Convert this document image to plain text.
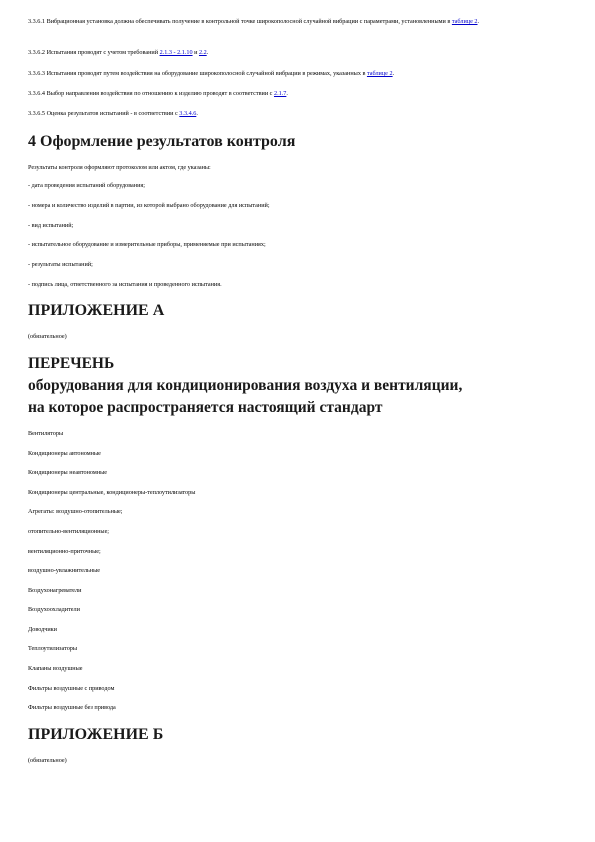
3.3.6.1 Вибрационная установка должна обеспечивать получение в контрольной точке широкополосной случайной вибрации с параметрами, установленными в таблице 2.
3.3.6.2 Испытания проводят с учетом требований 2.1.3 - 2.1.10 и 2.2.
3.3.6.3 Испытания проводят путем воздействия на оборудование широкополосной случайной вибрации в режимах, указанных в таблице 2.
3.3.6.4 Выбор направления воздействия по отношению к изделию проводят в соответствии с 2.1.7.
3.3.6.5 Оценка результатов испытаний - в соответствии с 3.3.4.6.
4 Оформление результатов контроля
Результаты контроля оформляют протоколом или актом, где указаны:
- дата проведения испытаний оборудования;
- номера и количество изделий в партии, из которой выбрано оборудование для испытаний;
- вид испытаний;
- испытательное оборудование и измерительные приборы, применяемые при испытаниях;
- результаты испытаний;
- подпись лица, ответственного за испытания и проведенного испытания.
ПРИЛОЖЕНИЕ А
(обязательное)
ПЕРЕЧЕНЬ
оборудования для кондиционирования воздуха и вентиляции,
на которое распространяется настоящий стандарт
Вентиляторы
Кондиционеры автономные
Кондиционеры неавтономные
Кондиционеры центральные, кондиционеры-теплоутилизаторы
Агрегаты: воздушно-отопительные;
отопительно-вентиляционные;
вентиляционно-приточные;
воздушно-увлажнительные
Воздухонагреватели
Воздухоохладители
Доводчики
Теплоутилизаторы
Клапаны воздушные
Фильтры воздушные с приводом
Фильтры воздушные без привода
ПРИЛОЖЕНИЕ Б
(обязательное)
